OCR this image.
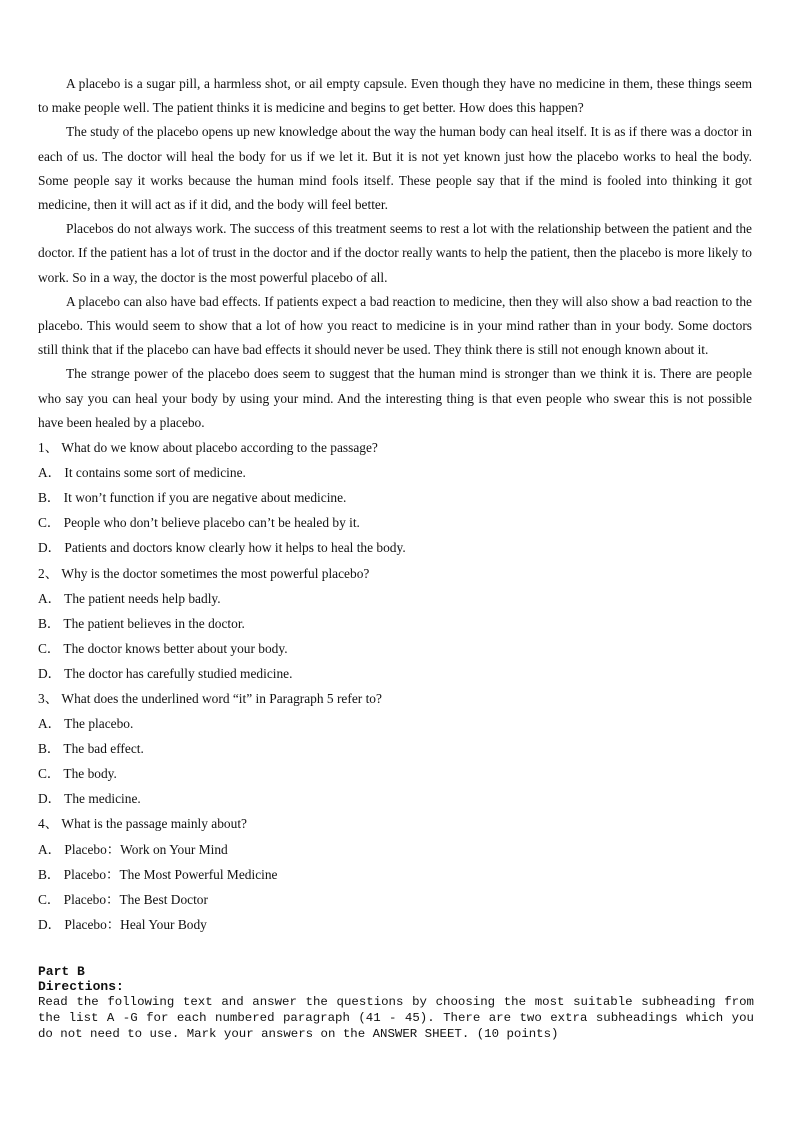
A placebo is a sugar pill, a harmless shot, or ail empty capsule. Even though they have no medicine in them, these things seem to make people well. The patient thinks it is medicine and begins to get better. How does this happen?

The study of the placebo opens up new knowledge about the way the human body can heal itself. It is as if there was a doctor in each of us. The doctor will heal the body for us if we let it. But it is not yet known just how the placebo works to heal the body. Some people say it works because the human mind fools itself. These people say that if the mind is fooled into thinking it got medicine, then it will act as if it did, and the body will feel better.

Placebos do not always work. The success of this treatment seems to rest a lot with the relationship between the patient and the doctor. If the patient has a lot of trust in the doctor and if the doctor really wants to help the patient, then the placebo is more likely to work. So in a way, the doctor is the most powerful placebo of all.

A placebo can also have bad effects. If patients expect a bad reaction to medicine, then they will also show a bad reaction to the placebo. This would seem to show that a lot of how you react to medicine is in your mind rather than in your body. Some doctors still think that if the placebo can have bad effects it should never be used. They think there is still not enough known about it.

The strange power of the placebo does seem to suggest that the human mind is stronger than we think it is. There are people who say you can heal your body by using your mind. And the interesting thing is that even people who swear this is not possible have been healed by a placebo.

1、 What do we know about placebo according to the passage?

A． It contains some sort of medicine.

B． It won’t function if you are negative about medicine.

C． People who don’t believe placebo can’t be healed by it.

D． Patients and doctors know clearly how it helps to heal the body.

2、 Why is the doctor sometimes the most powerful placebo?

A． The patient needs help badly.

B． The patient believes in the doctor.

C． The doctor knows better about your body.

D． The doctor has carefully studied medicine.

3、 What does the underlined word “it” in Paragraph 5 refer to?

A． The placebo.

B． The bad effect.

C． The body.

D． The medicine.

4、 What is the passage mainly about?

A． Placebo：Work on Your Mind

B． Placebo：The Most Powerful Medicine

C． Placebo：The Best Doctor

D． Placebo：Heal Your Body

Part B

Directions:

Read the following text and answer the questions by choosing the most suitable subheading from the list A -G for each numbered paragraph (41 - 45). There are two extra subheadings which you do not need to use. Mark your answers on the ANSWER SHEET. (10 points)
